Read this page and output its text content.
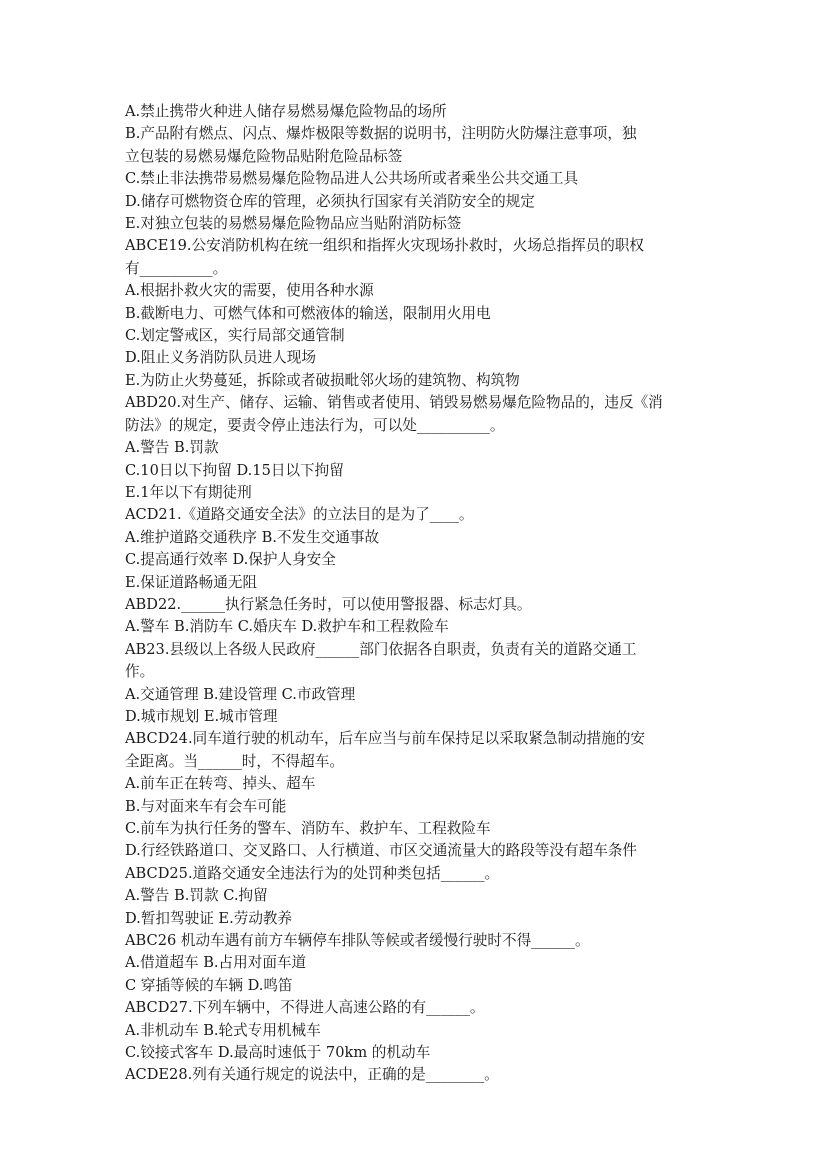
A.禁止携带火种进人储存易燃易爆危险物品的场所

B.产品附有燃点、闪点、爆炸极限等数据的说明书，注明防火防爆注意事项，独

立包装的易燃易爆危险物品贴附危险品标签

C.禁止非法携带易燃易爆危险物品进人公共场所或者乘坐公共交通工具

D.储存可燃物资仓库的管理，必须执行国家有关消防安全的规定

E.对独立包装的易燃易爆危险物品应当贴附消防标签

ABCE19.公安消防机构在统一组织和指挥火灾现场扑救时，火场总指挥员的职权

有__________。

A.根据扑救火灾的需要，使用各种水源

B.截断电力、可燃气体和可燃液体的输送，限制用火用电

C.划定警戒区，实行局部交通管制

D.阻止义务消防队员进人现场

E.为防止火势蔓延，拆除或者破损毗邻火场的建筑物、构筑物

ABD20.对生产、储存、运输、销售或者使用、销毁易燃易爆危险物品的，违反《消

防法》的规定，要责令停止违法行为，可以处__________。

A.警告 B.罚款

C.10日以下拘留 D.15日以下拘留

E.1年以下有期徒刑

ACD21.《道路交通安全法》的立法目的是为了____。

A.维护道路交通秩序 B.不发生交通事故

C.提高通行效率 D.保护人身安全

E.保证道路畅通无阻

ABD22.______执行紧急任务时，可以使用警报器、标志灯具。

A.警车 B.消防车 C.婚庆车 D.救护车和工程救险车

AB23.县级以上各级人民政府______部门依据各自职责，负责有关的道路交通工

作。

A.交通管理 B.建设管理 C.市政管理

D.城市规划 E.城市管理

ABCD24.同车道行驶的机动车，后车应当与前车保持足以采取紧急制动措施的安

全距离。当______时，不得超车。

A.前车正在转弯、掉头、超车

B.与对面来车有会车可能

C.前车为执行任务的警车、消防车、救护车、工程救险车

D.行经铁路道口、交叉路口、人行横道、市区交通流量大的路段等没有超车条件

ABCD25.道路交通安全违法行为的处罚种类包括______。

A.警告 B.罚款 C.拘留

D.暂扣驾驶证 E.劳动教养

ABC26 机动车遇有前方车辆停车排队等候或者缓慢行驶时不得______。

A.借道超车 B.占用对面车道

C 穿插等候的车辆 D.鸣笛

ABCD27.下列车辆中，不得进人高速公路的有______。

A.非机动车 B.轮式专用机械车

C.铰接式客车 D.最高时速低于 70km 的机动车

ACDE28.列有关通行规定的说法中，正确的是________。
